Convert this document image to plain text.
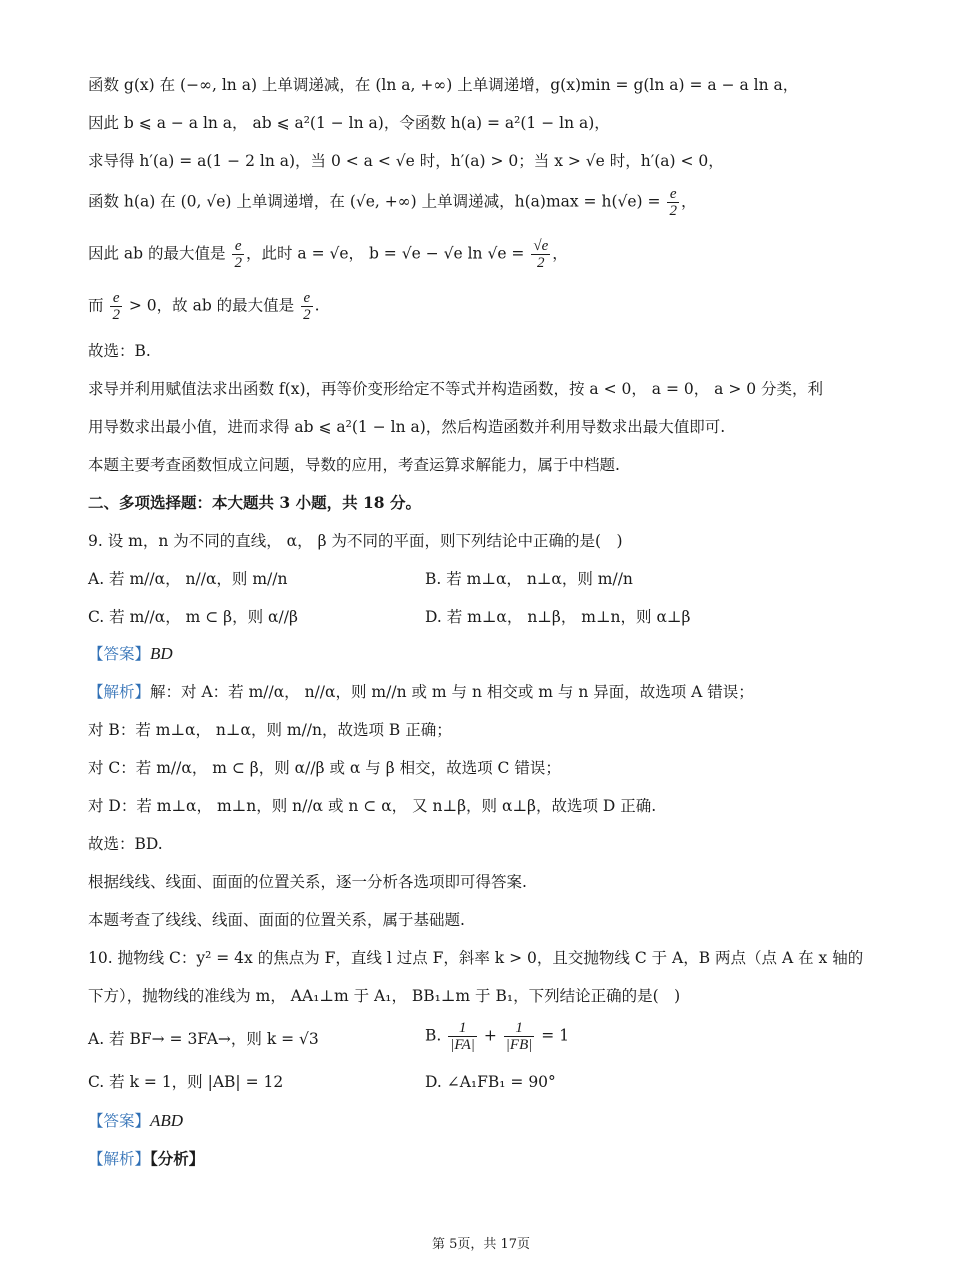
函数 g(x) 在 (−∞, ln a) 上单调递减，在 (ln a, +∞) 上单调递增，g(x)min = g(ln a) = a − a ln a，
因此 b ⩽ a − a ln a， ab ⩽ a²(1 − ln a)，令函数 h(a) = a²(1 − ln a)，
求导得 h′(a) = a(1 − 2 ln a)，当 0 < a < √e 时，h′(a) > 0；当 x > √e 时，h′(a) < 0，
函数 h(a) 在 (0, √e) 上单调递增，在 (√e, +∞) 上单调递减，$h(a)\max = h(√e) = \frac{e}{2}$ ，
因此 ab 的最大值是 $\frac{e}{2}$ ，此时 a = √e， b = √e − √e $\ln √e = \frac{√e}{2}$ ，
而 $\frac{e}{2} > 0$，故 ab 的最大值是 $\frac{e}{2}$ .
故选：B.
求导并利用赋值法求出函数 f(x)，再等价变形给定不等式并构造函数，按 a < 0， a = 0， a > 0 分类，利
用导数求出最小值，进而求得 ab ⩽ a²(1 − ln a)，然后构造函数并利用导数求出最大值即可.
本题主要考查函数恒成立问题，导数的应用，考查运算求解能力，属于中档题.
二、多项选择题：本大题共 3 小题，共 18 分。
9. 设 m，n 为不同的直线， α， β 为不同的平面，则下列结论中正确的是(　)
A. 若 m//α， n//α，则 m//n	B. 若 m⊥α， n⊥α，则 m//n
C. 若 m//α， m ⊂ β，则 α//β	D. 若 m⊥α， n⊥β， m⊥n，则 α⊥β
【答案】BD
【解析】解：对 A：若 m//α， n//α，则 m//n 或 m 与 n 相交或 m 与 n 异面，故选项 A 错误；
对 B：若 m⊥α， n⊥α，则 m//n，故选项 B 正确；
对 C：若 m//α， m ⊂ β，则 α//β 或 α 与 β 相交，故选项 C 错误；
对 D：若 m⊥α， m⊥n，则 n//α 或 n ⊂ α， 又 n⊥β，则 α⊥β，故选项 D 正确.
故选：BD.
根据线线、线面、面面的位置关系，逐一分析各选项即可得答案.
本题考查了线线、线面、面面的位置关系，属于基础题.
10. 抛物线 C：y² = 4x 的焦点为 F，直线 l 过点 F，斜率 k > 0，且交抛物线 C 于 A，B 两点（点 A 在 x 轴的
下方），抛物线的准线为 m， AA₁⊥m 于 A₁， BB₁⊥m 于 B₁，下列结论正确的是(　)
A. 若 BF→ = 3FA→，则 k = √3	B. $\frac{1}{|FA|} + \frac{1}{|FB|} = 1$
C. 若 k = 1，则 |AB| = 12	D. ∠A₁FB₁ = 90°
【答案】ABD
【解析】【分析】
第 5页，共 17页
